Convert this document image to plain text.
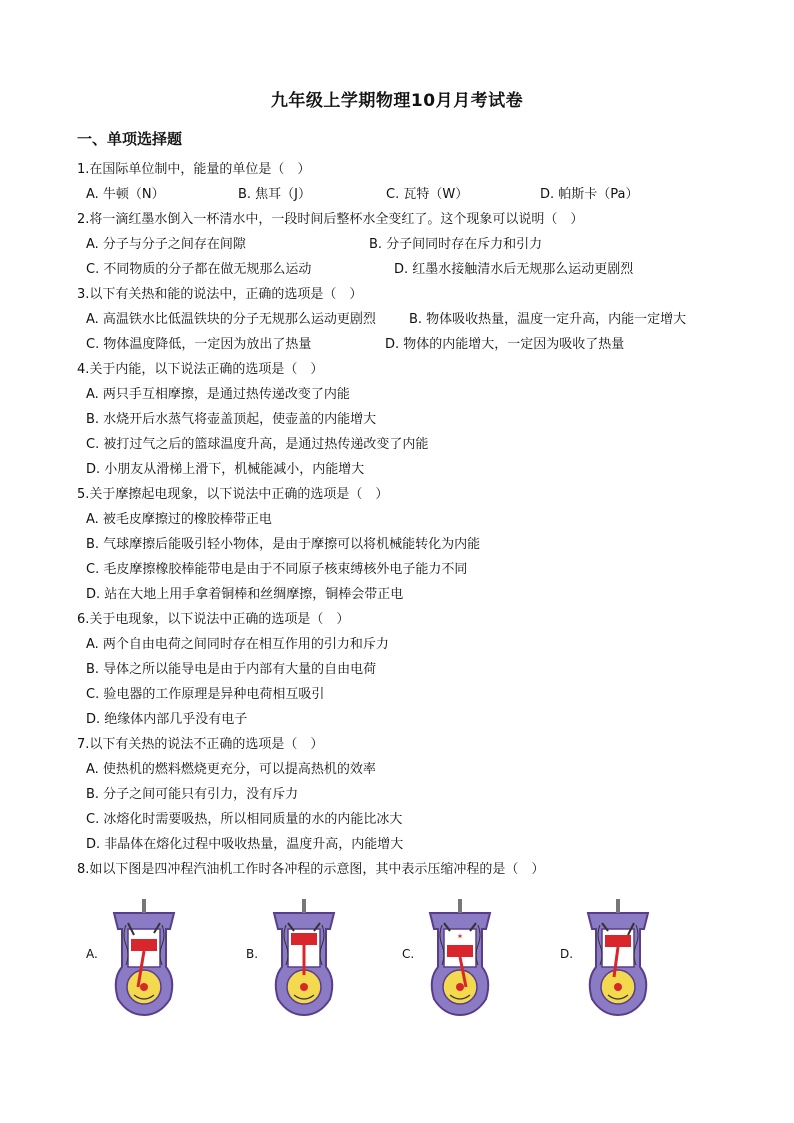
九年级上学期物理10月月考试卷
一、单项选择题
1.在国际单位制中，能量的单位是（　）
A. 牛顿（N）	B. 焦耳（J）	C. 瓦特（W）	D. 帕斯卡（Pa）
2.将一滴红墨水倒入一杯清水中，一段时间后整杯水全变红了。这个现象可以说明（　）
A. 分子与分子之间存在间隙	B. 分子间同时存在斥力和引力
C. 不同物质的分子都在做无规那么运动	D. 红墨水接触清水后无规那么运动更剧烈
3.以下有关热和能的说法中，正确的选项是（　）
A. 高温铁水比低温铁块的分子无规那么运动更剧烈	B. 物体吸收热量，温度一定升高，内能一定增大
C. 物体温度降低，一定因为放出了热量	D. 物体的内能增大，一定因为吸收了热量
4.关于内能，以下说法正确的选项是（　）
A. 两只手互相摩擦，是通过热传递改变了内能
B. 水烧开后水蒸气将壶盖顶起，使壶盖的内能增大
C. 被打过气之后的篮球温度升高，是通过热传递改变了内能
D. 小朋友从滑梯上滑下，机械能减小，内能增大
5.关于摩擦起电现象，以下说法中正确的选项是（　）
A. 被毛皮摩擦过的橡胶棒带正电
B. 气球摩擦后能吸引轻小物体，是由于摩擦可以将机械能转化为内能
C. 毛皮摩擦橡胶棒能带电是由于不同原子核束缚核外电子能力不同
D. 站在大地上用手拿着铜棒和丝绸摩擦，铜棒会带正电
6.关于电现象，以下说法中正确的选项是（　）
A. 两个自由电荷之间同时存在相互作用的引力和斥力
B. 导体之所以能导电是由于内部有大量的自由电荷
C. 验电器的工作原理是异种电荷相互吸引
D. 绝缘体内部几乎没有电子
7.以下有关热的说法不正确的选项是（　）
A. 使热机的燃料燃烧更充分，可以提高热机的效率
B. 分子之间可能只有引力，没有斥力
C. 冰熔化时需要吸热，所以相同质量的水的内能比冰大
D. 非晶体在熔化过程中吸收热量，温度升高，内能增大
8.如以下图是四冲程汽油机工作时各冲程的示意图，其中表示压缩冲程的是（　）
A.	B.	C.
✶
D.
